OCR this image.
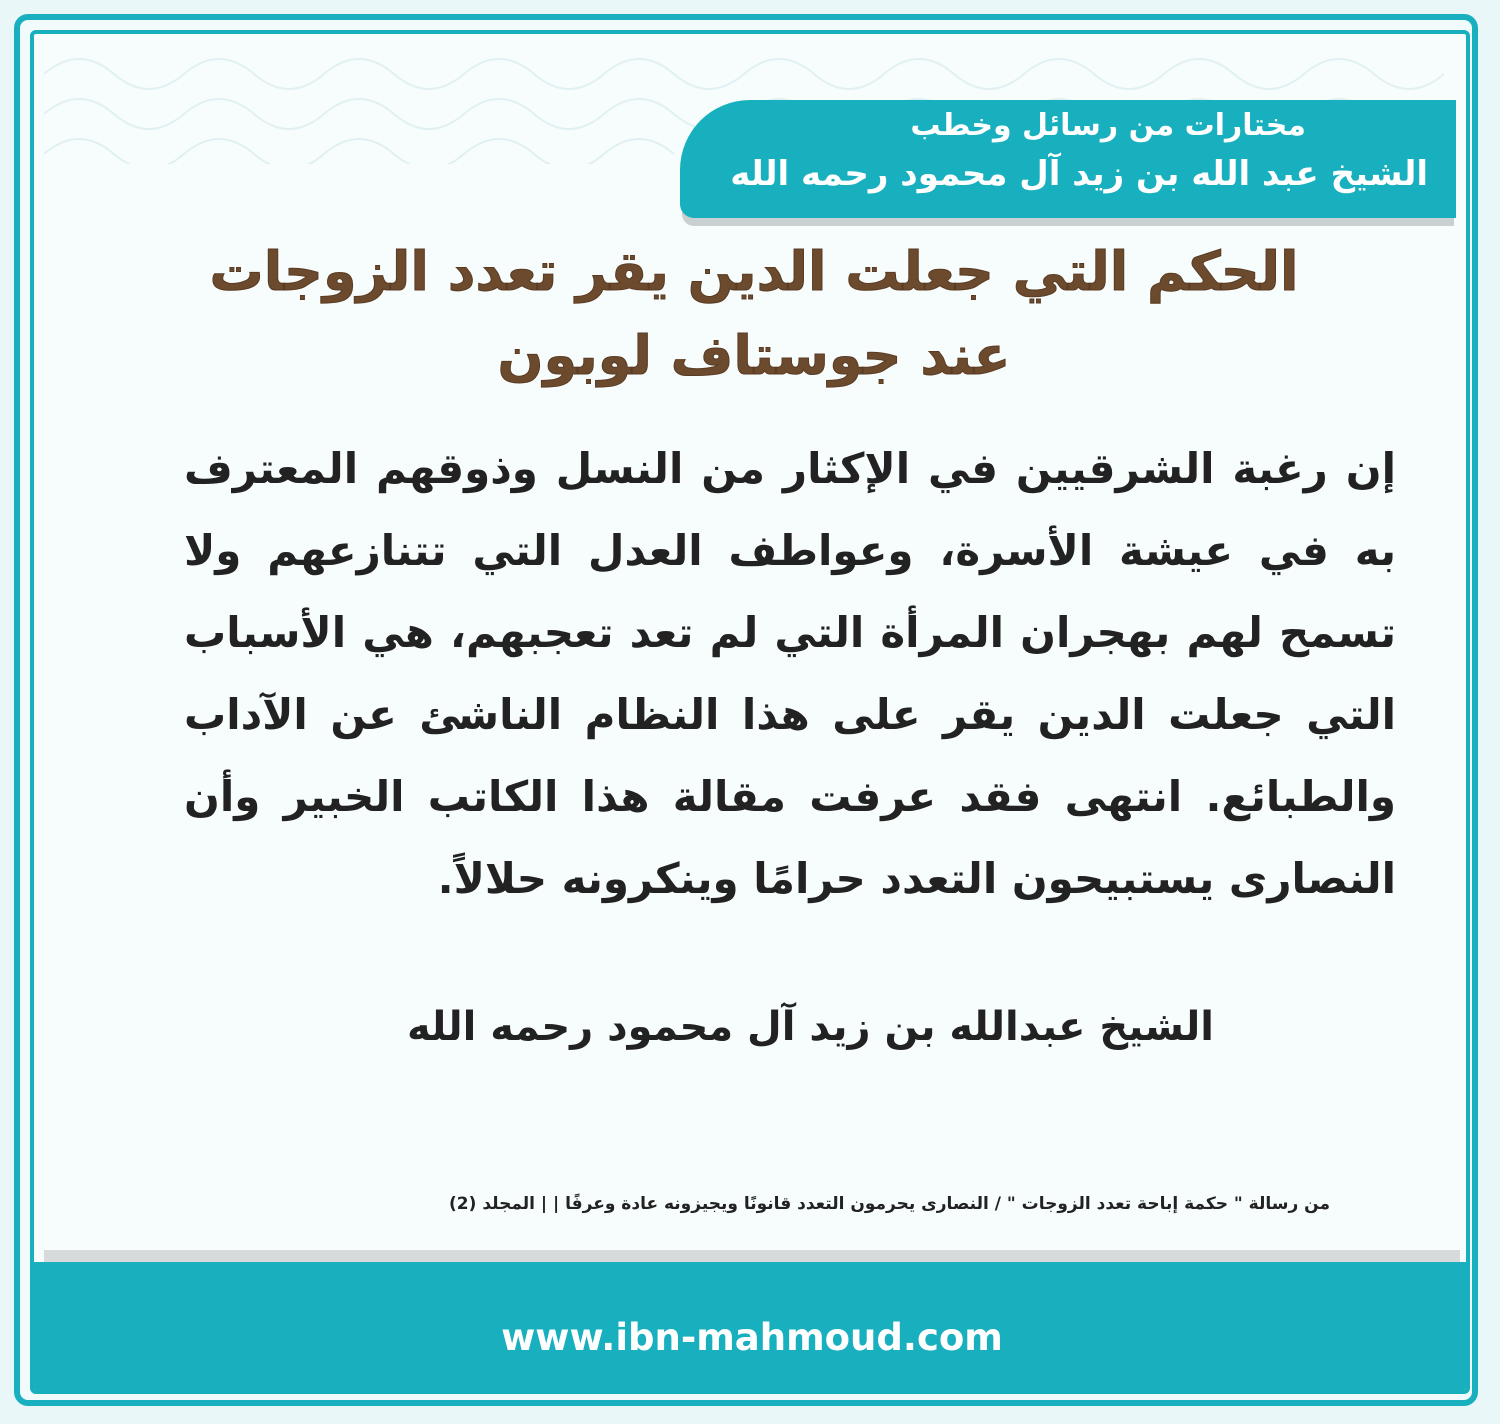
مختارات من رسائل وخطب

الشيخ عبد الله بن زيد آل محمود رحمه الله

الحكم التي جعلت الدين يقر تعدد الزوجات
عند جوستاف لوبون

إن رغبة الشرقيين في الإكثار من النسل وذوقهم المعترف به في عيشة الأسرة، وعواطف العدل التي تتنازعهم ولا تسمح لهم بهجران المرأة التي لم تعد تعجبهم، هي الأسباب التي جعلت الدين يقر على هذا النظام الناشئ عن الآداب والطبائع. انتهى فقد عرفت مقالة هذا الكاتب الخبير وأن النصارى يستبيحون التعدد حرامًا وينكرونه حلالاً.

الشيخ عبدالله بن زيد آل محمود رحمه الله

من رسالة " حكمة إباحة تعدد الزوجات " / النصارى يحرمون التعدد قانونًا ويجيزونه عادة وعرفًا | | المجلد (2)

www.ibn-mahmoud.com
